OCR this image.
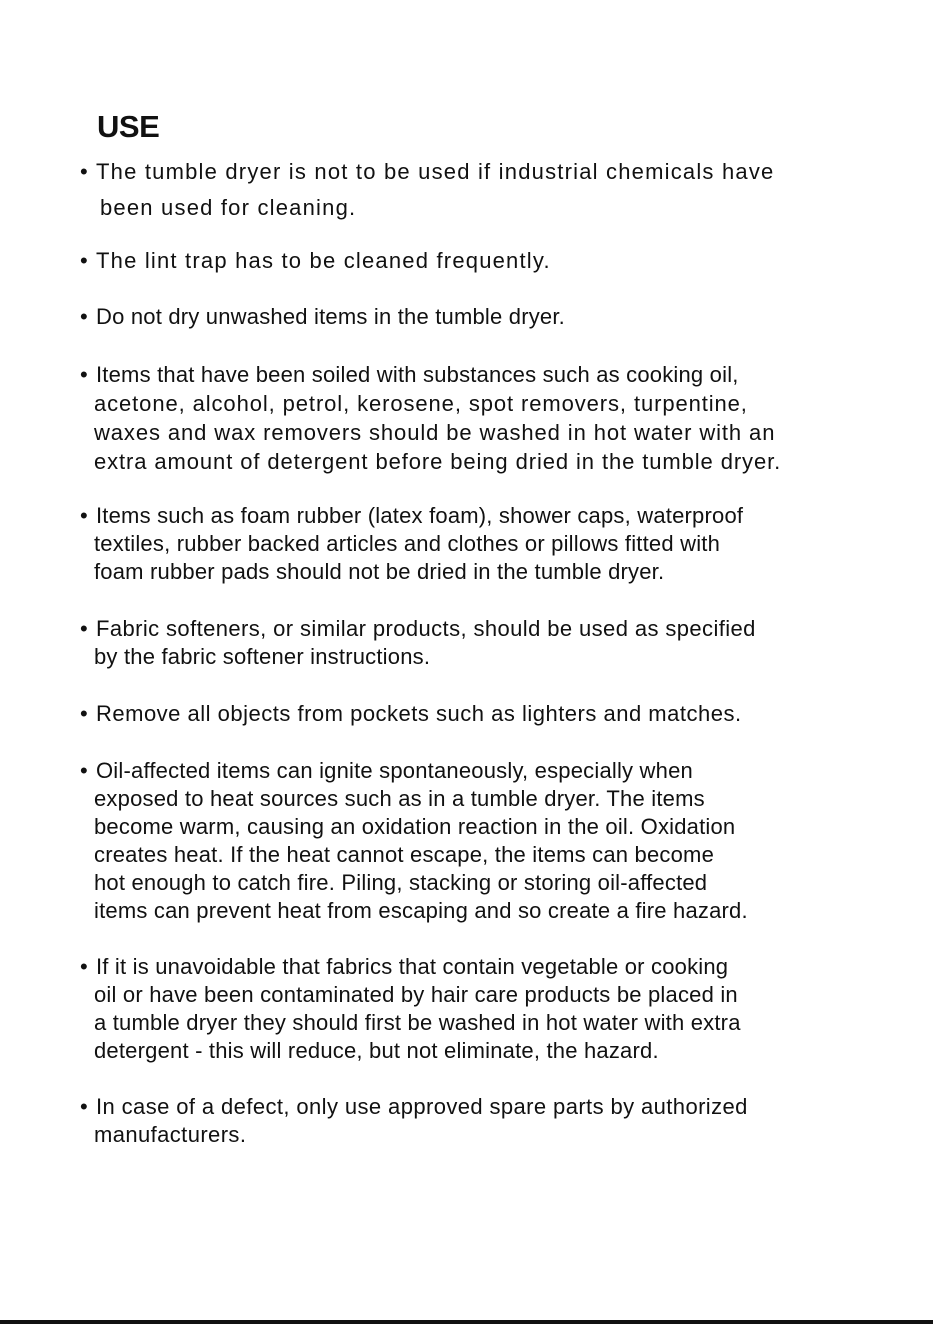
USE
• The tumble dryer is not to be used if industrial chemicals have
been used for cleaning.
• The lint trap has to be cleaned frequently.
• Do not dry unwashed items in the tumble dryer.
• Items that have been soiled with substances such as cooking oil,
acetone, alcohol, petrol, kerosene, spot removers, turpentine,
waxes and wax removers should be washed in hot water with an
extra amount of detergent before being dried in the tumble dryer.
• Items such as foam rubber (latex foam), shower caps, waterproof
textiles, rubber backed articles and clothes or pillows fitted with
foam rubber pads should not be dried in the tumble dryer.
• Fabric softeners, or similar products, should be used as specified
by the fabric softener instructions.
• Remove all objects from pockets such as lighters and matches.
• Oil-affected items can ignite spontaneously, especially when
exposed to heat sources such as in a tumble dryer. The items
become warm, causing an oxidation reaction in the oil. Oxidation
creates heat. If the heat cannot escape, the items can become
hot enough to catch fire. Piling, stacking or storing oil-affected
items can prevent heat from escaping and so create a fire hazard.
• If it is unavoidable that fabrics that contain vegetable or cooking
oil or have been contaminated by hair care products be placed in
a tumble dryer they should first be washed in hot water with extra
detergent - this will reduce, but not eliminate, the hazard.
• In case of a defect, only use approved spare parts by authorized
manufacturers.
